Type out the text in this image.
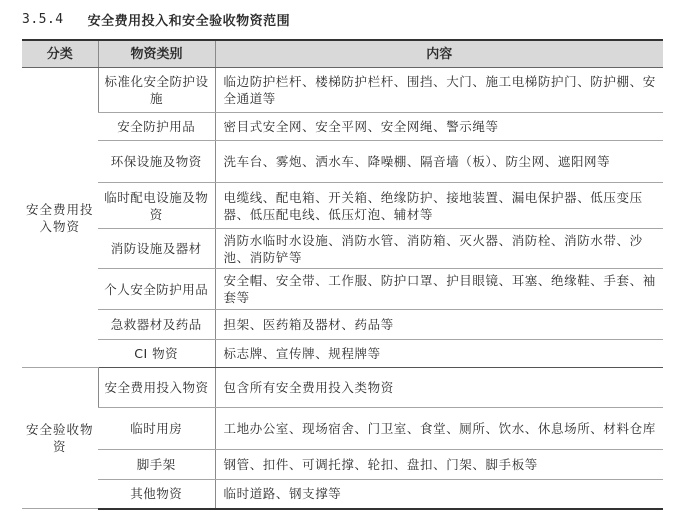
3.5.4 安全费用投入和安全验收物资范围
分类	物资类别	内容
安全费用投入物资	标准化安全防护设施	临边防护栏杆、楼梯防护栏杆、围挡、大门、施工电梯防护门、防护棚、安全通道等
	安全防护用品	密目式安全网、安全平网、安全网绳、警示绳等
	环保设施及物资	洗车台、雾炮、洒水车、降噪棚、隔音墙（板）、防尘网、遮阳网等
	临时配电设施及物资	电缆线、配电箱、开关箱、绝缘防护、接地装置、漏电保护器、低压变压器、低压配电线、低压灯泡、辅材等
	消防设施及器材	消防水临时水设施、消防水管、消防箱、灭火器、消防栓、消防水带、沙池、消防铲等
	个人安全防护用品	安全帽、安全带、工作服、防护口罩、护目眼镜、耳塞、绝缘鞋、手套、袖套等
	急救器材及药品	担架、医药箱及器材、药品等
	CI 物资	标志牌、宣传牌、规程牌等
安全验收物资	安全费用投入物资	包含所有安全费用投入类物资
	临时用房	工地办公室、现场宿舍、门卫室、食堂、厕所、饮水、休息场所、材料仓库
	脚手架	钢管、扣件、可调托撑、轮扣、盘扣、门架、脚手板等
	其他物资	临时道路、钢支撑等
